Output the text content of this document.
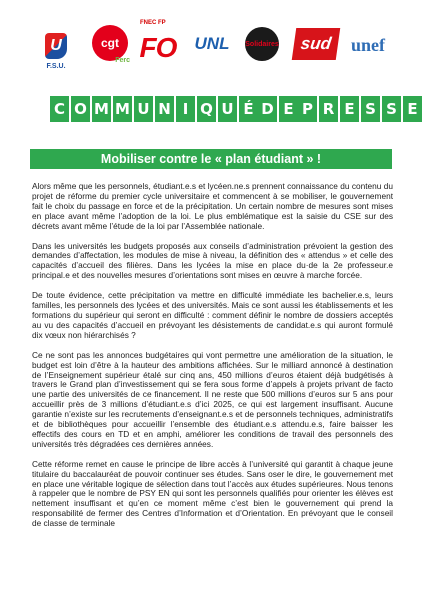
U
F.S.U.
cgt
Ferc
FNEC FP
FO UNL Solidaires	sud	unef
C O M M U N I Q U É D E P R E S S E
Mobiliser contre le « plan étudiant » !

Alors même que les personnels, étudiant.e.s et lycéen.ne.s prennent connaissance du contenu du projet de réforme du premier cycle universitaire et commencent à se mobiliser, le gouvernement fait le choix du passage en force et de la précipitation. Un certain nombre de mesures sont mises en place avant même l’adoption de la loi. Le plus emblématique est la saisie du CSE sur des décrets avant même l’étude de la loi par l’Assemblée nationale.

Dans les universités les budgets proposés aux conseils d’administration prévoient la gestion des demandes d’affectation, les modules de mise à niveau, la définition des « attendus » et celle des capacités d’accueil des filières. Dans les lycées la mise en place du·de la 2e professeur.e principal.e et des nouvelles mesures d’orientations sont mises en œuvre à marche forcée.

De toute évidence, cette précipitation va mettre en difficulté immédiate les bachelier.e.s, leurs familles, les personnels des lycées et des universités. Mais ce sont aussi les établissements et les formations du supérieur qui seront en difficulté : comment définir le nombre de dossiers acceptés au vu des capacités d’accueil en prévoyant les désistements de candidat.e.s qui auront formulé dix vœux non hiérarchisés ?

Ce ne sont pas les annonces budgétaires qui vont permettre une amélioration de la situation, le budget est loin d’être à la hauteur des ambitions affichées. Sur le milliard annoncé à destination de l’Enseignement supérieur étalé sur cinq ans, 450 millions d’euros étaient déjà budgétisés à travers le Grand plan d’investissement qui se fera sous forme d’appels à projets privant de facto une partie des universités de ce financement. Il ne reste que 500 millions d’euros sur 5 ans pour accueillir près de 3 millions d’étudiant.e.s d’ici 2025, ce qui est largement insuffisant. Aucune garantie n’existe sur les recrutements d’enseignant.e.s et de personnels techniques, administratifs et de bibliothèques pour accueillir l’ensemble des étudiant.e.s attendu.e.s, faire baisser les effectifs des cours en TD et en amphi, améliorer les conditions de travail des personnels des universités très dégradées ces dernières années.

Cette réforme remet en cause le principe de libre accès à l’université qui garantit à chaque jeune titulaire du baccalauréat de pouvoir continuer ses études. Sans oser le dire, le gouvernement met en place une véritable logique de sélection dans tout l’accès aux études supérieures. Nous tenons à rappeler que le nombre de PSY EN qui sont les personnels qualifiés pour orienter les élèves est nettement insuffisant et qu’en ce moment même c’est bien le gouvernement qui prend la responsabilité de fermer des Centres d’Information et d’Orientation. En prévoyant que le conseil de classe de terminale
